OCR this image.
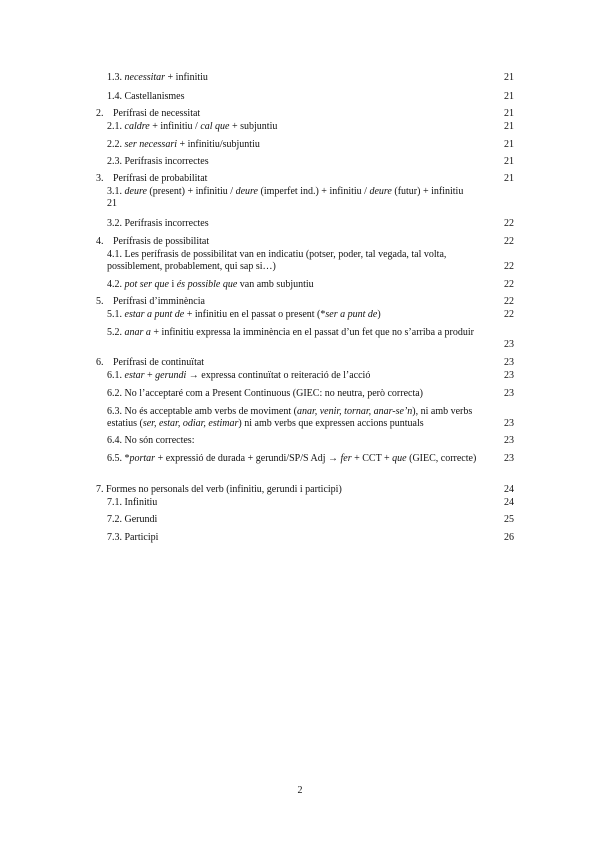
1.3. necessitar + infinitiu	21
1.4. Castellanismes	21
2. Perífrasi de necessitat	21
2.1. caldre + infinitiu / cal que + subjuntiu	21
2.2. ser necessari + infinitiu/subjuntiu	21
2.3. Perífrasis incorrectes	21
3. Perífrasi de probabilitat	21
3.1. deure (present) + infinitiu / deure (imperfet ind.) + infinitiu / deure (futur) + infinitiu
21
3.2. Perífrasis incorrectes	22
4. Perífrasis de possibilitat	22
4.1. Les perífrasis de possibilitat van en indicatiu (potser, poder, tal vegada, tal volta, possiblement, probablement, qui sap si…)	22
4.2. pot ser que i és possible que van amb subjuntiu	22
5. Perífrasi d’imminència	22
5.1. estar a punt de + infinitiu en el passat o present (*ser a punt de)	22
5.2. anar a + infinitiu expressa la imminència en el passat d’un fet que no s’arriba a produir
23
6. Perífrasi de continuïtat	23
6.1. estar + gerundi → expressa continuïtat o reiteració de l’acció	23
6.2. No l’acceptaré com a Present Continuous (GIEC: no neutra, però correcta)	23
6.3. No és acceptable amb verbs de moviment (anar, venir, tornar, anar-se’n), ni amb verbs estatius (ser, estar, odiar, estimar) ni amb verbs que expressen accions puntuals	23
6.4. No són correctes:	23
6.5. *portar + expressió de durada + gerundi/SP/S Adj → fer + CCT + que (GIEC, correcte)	23
7. Formes no personals del verb (infinitiu, gerundi i participi)	24
7.1. Infinitiu	24
7.2. Gerundi	25
7.3. Participi	26
2
